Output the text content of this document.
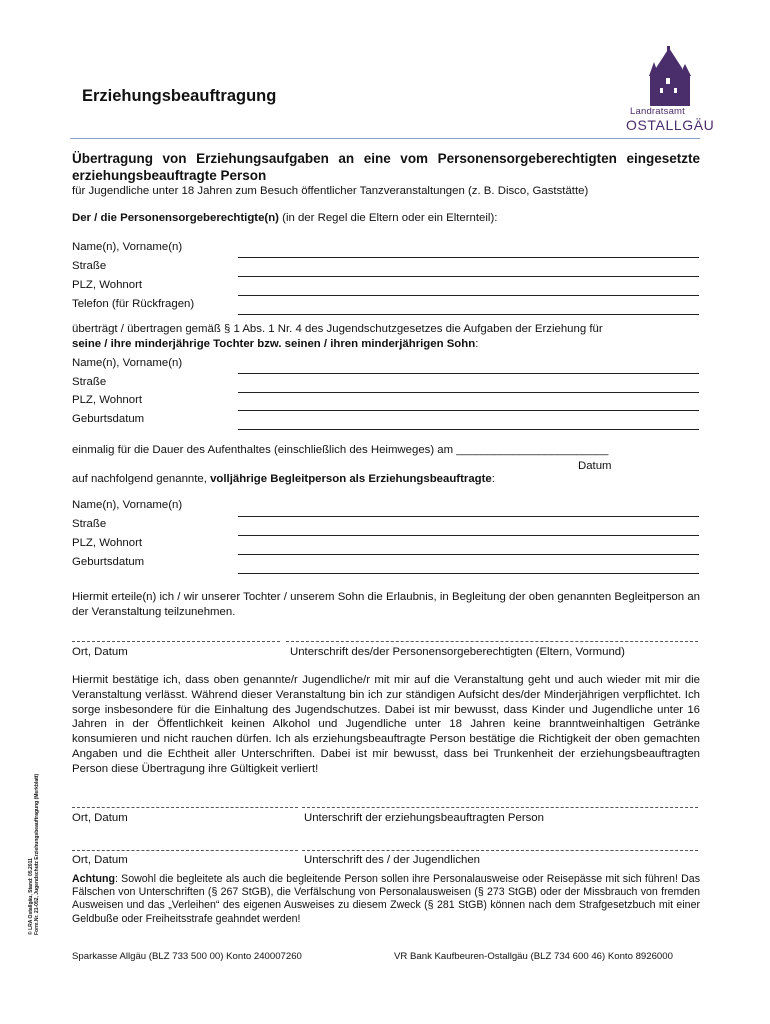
Landratsamt
OSTALLGÄU
Erziehungsbeauftragung
Übertragung von Erziehungsaufgaben an eine vom Personensorgeberechtigten eingesetzte erziehungsbeauftragte Person
für Jugendliche unter 18 Jahren zum Besuch öffentlicher Tanzveranstaltungen (z. B. Disco, Gaststätte)
Der / die Personensorgeberechtigte(n) (in der Regel die Eltern oder ein Elternteil):
Name(n), Vorname(n)
Straße
PLZ, Wohnort
Telefon (für Rückfragen)
überträgt / übertragen gemäß § 1 Abs. 1 Nr. 4 des Jugendschutzgesetzes die Aufgaben der Erziehung für
seine / ihre minderjährige Tochter bzw. seinen / ihren minderjährigen Sohn:
Name(n), Vorname(n)
Straße
PLZ, Wohnort
Geburtsdatum
einmalig für die Dauer des Aufenthaltes (einschließlich des Heimweges) am ________________________
Datum
auf nachfolgend genannte, volljährige Begleitperson als Erziehungsbeauftragte:
Name(n), Vorname(n)
Straße
PLZ, Wohnort
Geburtsdatum
Hiermit erteile(n) ich / wir unserer Tochter / unserem Sohn die Erlaubnis, in Begleitung der oben genannten Begleitperson an der Veranstaltung teilzunehmen.
Ort, Datum	Unterschrift des/der Personensorgeberechtigten (Eltern, Vormund)
Hiermit bestätige ich, dass oben genannte/r Jugendliche/r mit mir auf die Veranstaltung geht und auch wieder mit mir die Veranstaltung verlässt. Während dieser Veranstaltung bin ich zur ständigen Aufsicht des/der Minderjährigen verpflichtet. Ich sorge insbesondere für die Einhaltung des Jugendschutzes. Dabei ist mir bewusst, dass Kinder und Jugendliche unter 16 Jahren in der Öffentlichkeit keinen Alkohol und Jugendliche unter 18 Jahren keine branntweinhaltigen Getränke konsumieren und nicht rauchen dürfen. Ich als erziehungsbeauftragte Person bestätige die Richtigkeit der oben gemachten Angaben und die Echtheit aller Unterschriften. Dabei ist mir bewusst, dass bei Trunkenheit der erziehungsbeauftragten Person diese Übertragung ihre Gültigkeit verliert!
Ort, Datum	Unterschrift der erziehungsbeauftragten Person
Ort, Datum	Unterschrift des / der Jugendlichen
Achtung: Sowohl die begleitete als auch die begleitende Person sollen ihre Personalausweise oder Reisepässe mit sich führen! Das Fälschen von Unterschriften (§ 267 StGB), die Verfälschung von Personalausweisen (§ 273 StGB) oder der Missbrauch von fremden Ausweisen und das „Verleihen“ des eigenen Ausweises zu diesem Zweck (§ 281 StGB) können nach dem Strafgesetzbuch mit einer Geldbuße oder Freiheitsstrafe geahndet werden!
© LRA Ostallgäu, Stand: 05.2011
Form.Nr. 21-052, Jugendschutz Erziehungsbeauftragung (Merkblatt)
Sparkasse Allgäu (BLZ 733 500 00) Konto 240007260	VR Bank Kaufbeuren-Ostallgäu (BLZ 734 600 46) Konto 8926000
